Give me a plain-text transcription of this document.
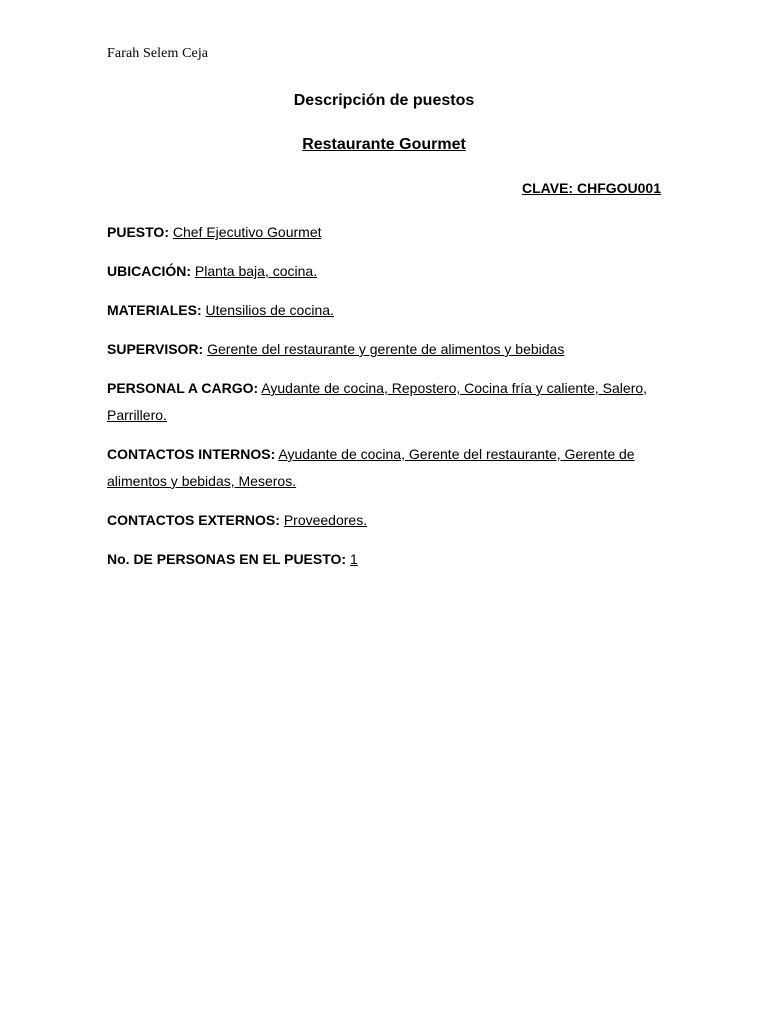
Farah Selem Ceja
Descripción de puestos
Restaurante Gourmet
CLAVE: CHFGOU001
PUESTO: Chef Ejecutivo Gourmet
UBICACIÓN: Planta baja, cocina.
MATERIALES: Utensilios de cocina.
SUPERVISOR: Gerente del restaurante y gerente de alimentos y bebidas
PERSONAL A CARGO: Ayudante de cocina, Repostero, Cocina fría y caliente, Salero, Parrillero.
CONTACTOS INTERNOS: Ayudante de cocina, Gerente del restaurante, Gerente de alimentos y bebidas, Meseros.
CONTACTOS EXTERNOS: Proveedores.
No. DE PERSONAS EN EL PUESTO: 1
